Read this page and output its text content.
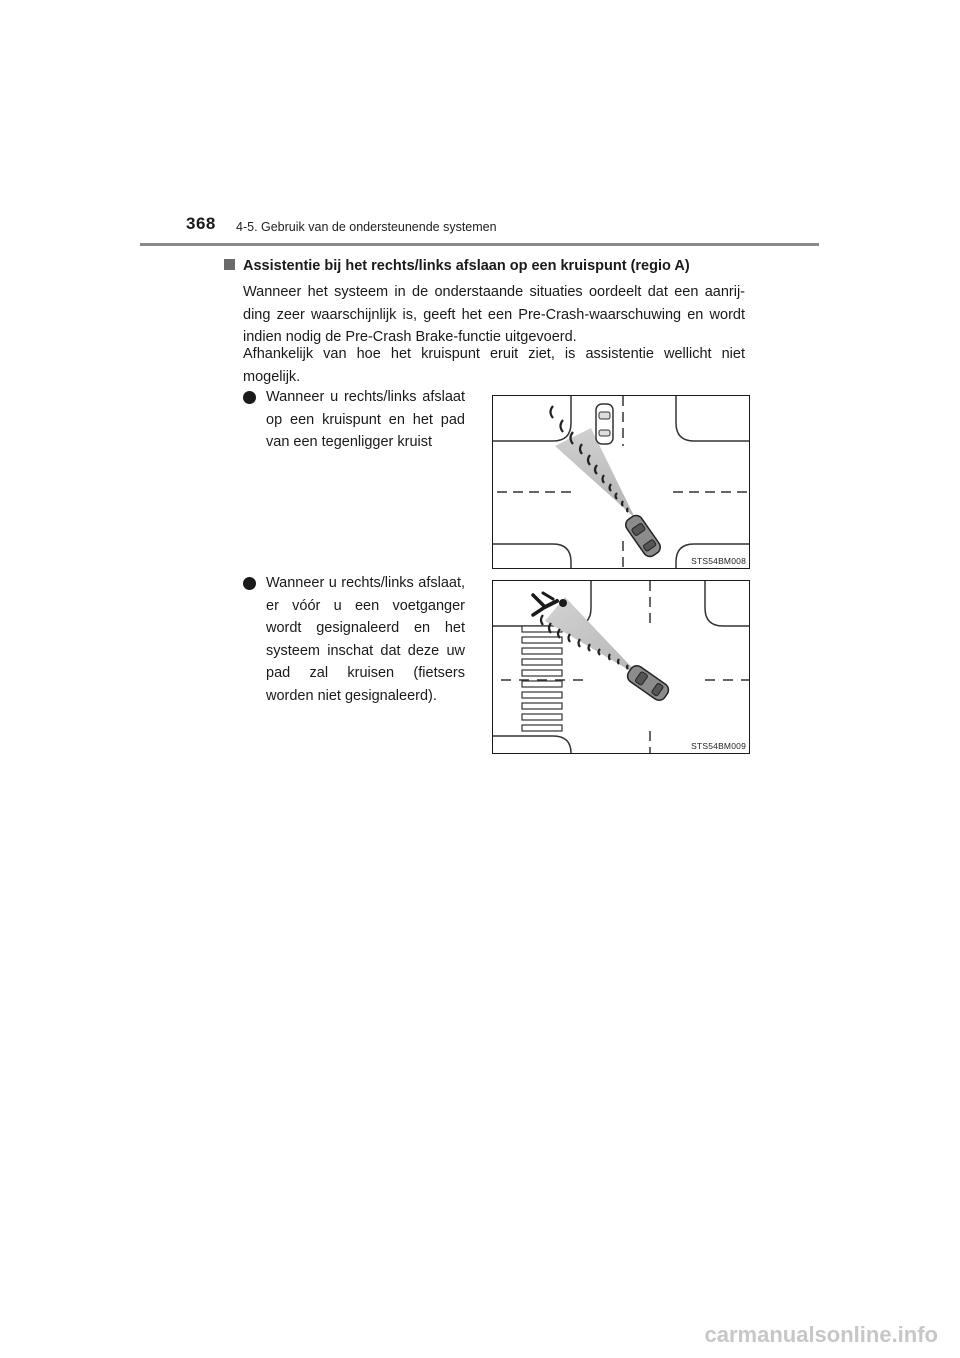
368 4-5. Gebruik van de ondersteunende systemen
Assistentie bij het rechts/links afslaan op een kruispunt (regio A)
Wanneer het systeem in de onderstaande situaties oordeelt dat een aanrij-ding zeer waarschijnlijk is, geeft het een Pre-Crash-waarschuwing en wordt indien nodig de Pre-Crash Brake-functie uitgevoerd.
Afhankelijk van hoe het kruispunt eruit ziet, is assistentie wellicht niet mogelijk.
Wanneer u rechts/links afslaat op een kruispunt en het pad van een tegenligger kruist
STS54BM008
Wanneer u rechts/links afslaat, er vóór u een voetganger wordt gesignaleerd en het systeem inschat dat deze uw pad zal kruisen (fietsers worden niet gesignaleerd).
STS54BM009
carmanualsonline.info
